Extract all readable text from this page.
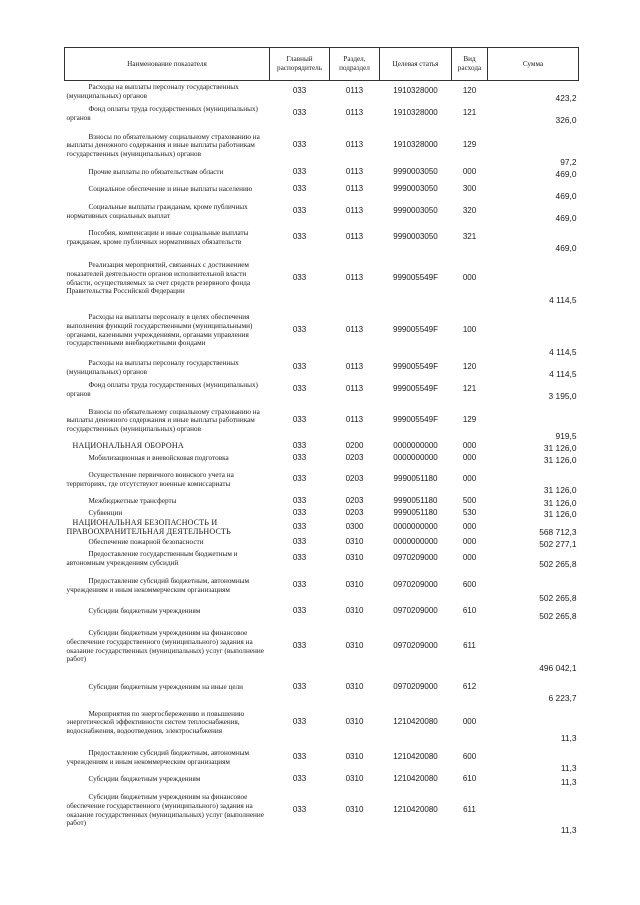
Наименование показателя	Главный распорядитель	Раздел, подраздел	Целевая статья	Вид расхода	Сумма
Расходы на выплаты персоналу государственных (муниципальных) органов	033	0113	1910328000	120	423,2
Фонд оплаты труда государственных (муниципальных) органов	033	0113	1910328000	121	326,0
Взносы по обязательному социальному страхованию на выплаты денежного содержания и иные выплаты работникам государственных (муниципальных) органов	033	0113	1910328000	129	97,2
Прочие выплаты по обязательствам области	033	0113	9990003050	000	469,0
Социальное обеспечение и иные выплаты населению	033	0113	9990003050	300	469,0
Социальные выплаты гражданам, кроме публичных нормативных социальных выплат	033	0113	9990003050	320	469,0
Пособия, компенсации и иные социальные выплаты гражданам, кроме публичных нормативных обязательств	033	0113	9990003050	321	469,0
Реализация мероприятий, связанных с достижением показателей деятельности органов исполнительной власти области, осуществляемых за счет средств резервного фонда Правительства Российской Федерации	033	0113	999005549F	000	4 114,5
Расходы на выплаты персоналу в целях обеспечения выполнения функций государственными (муниципальными) органами, казенными учреждениями, органами управления государственными внебюджетными фондами	033	0113	999005549F	100	4 114,5
Расходы на выплаты персоналу государственных (муниципальных) органов	033	0113	999005549F	120	4 114,5
Фонд оплаты труда государственных (муниципальных) органов	033	0113	999005549F	121	3 195,0
Взносы по обязательному социальному страхованию на выплаты денежного содержания и иные выплаты работникам государственных (муниципальных) органов	033	0113	999005549F	129	919,5
НАЦИОНАЛЬНАЯ ОБОРОНА	033	0200	0000000000	000	31 126,0
Мобилизационная и вневойсковая подготовка	033	0203	0000000000	000	31 126,0
Осуществление первичного воинского учета на территориях, где отсутствуют военные комиссариаты	033	0203	9990051180	000	31 126,0
Межбюджетные трансферты	033	0203	9990051180	500	31 126,0
Субвенции	033	0203	9990051180	530	31 126,0
НАЦИОНАЛЬНАЯ БЕЗОПАСНОСТЬ И ПРАВООХРАНИТЕЛЬНАЯ ДЕЯТЕЛЬНОСТЬ	033	0300	0000000000	000	568 712,3
Обеспечение пожарной безопасности	033	0310	0000000000	000	502 277,1
Предоставление государственным бюджетным и автономным учреждениям субсидий	033	0310	0970209000	000	502 265,8
Предоставление субсидий бюджетным, автономным учреждениям и иным некоммерческим организациям	033	0310	0970209000	600	502 265,8
Субсидии бюджетным учреждениям	033	0310	0970209000	610	502 265,8
Субсидии бюджетным учреждениям на финансовое обеспечение государственного (муниципального) задания на оказание государственных (муниципальных) услуг (выполнение работ)	033	0310	0970209000	611	496 042,1
Субсидии бюджетным учреждениям на иные цели	033	0310	0970209000	612	6 223,7
Мероприятия по энергосбережению и повышению энергетической эффективности систем теплоснабжения, водоснабжения, водоотведения, электроснабжения	033	0310	1210420080	000	11,3
Предоставление субсидий бюджетным, автономным учреждениям и иным некоммерческим организациям	033	0310	1210420080	600	11,3
Субсидии бюджетным учреждениям	033	0310	1210420080	610	11,3
Субсидии бюджетным учреждениям на финансовое обеспечение государственного (муниципального) задания на оказание государственных (муниципальных) услуг (выполнение работ)	033	0310	1210420080	611	11,3
